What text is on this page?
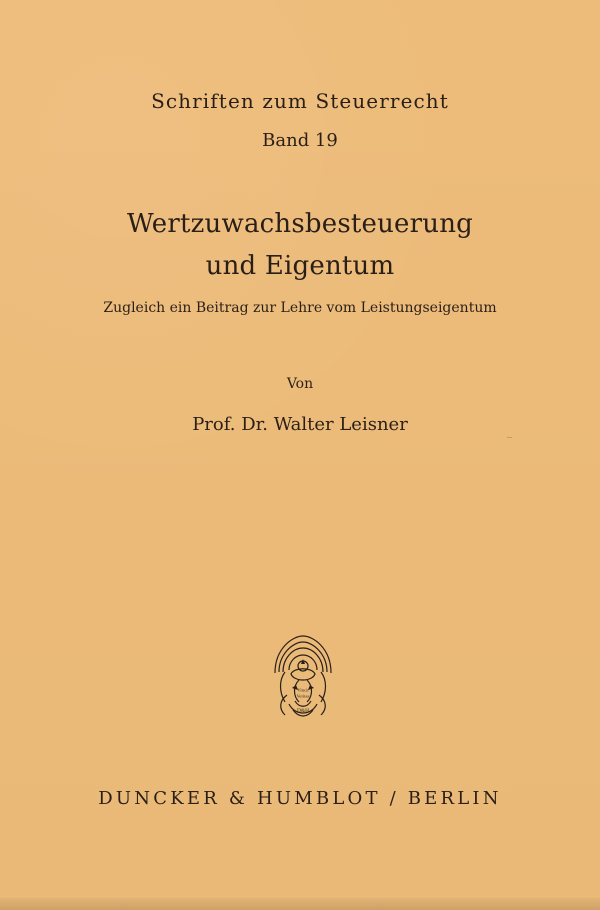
Schriften zum Steuerrecht
Band 19
Wertzuwachsbesteuerung
und Eigentum
Zugleich ein Beitrag zur Lehre vom Leistungseigentum
Von
Prof. Dr. Walter Leisner
Vincit
Veritas
D&H
DUNCKER & HUMBLOT / BERLIN
